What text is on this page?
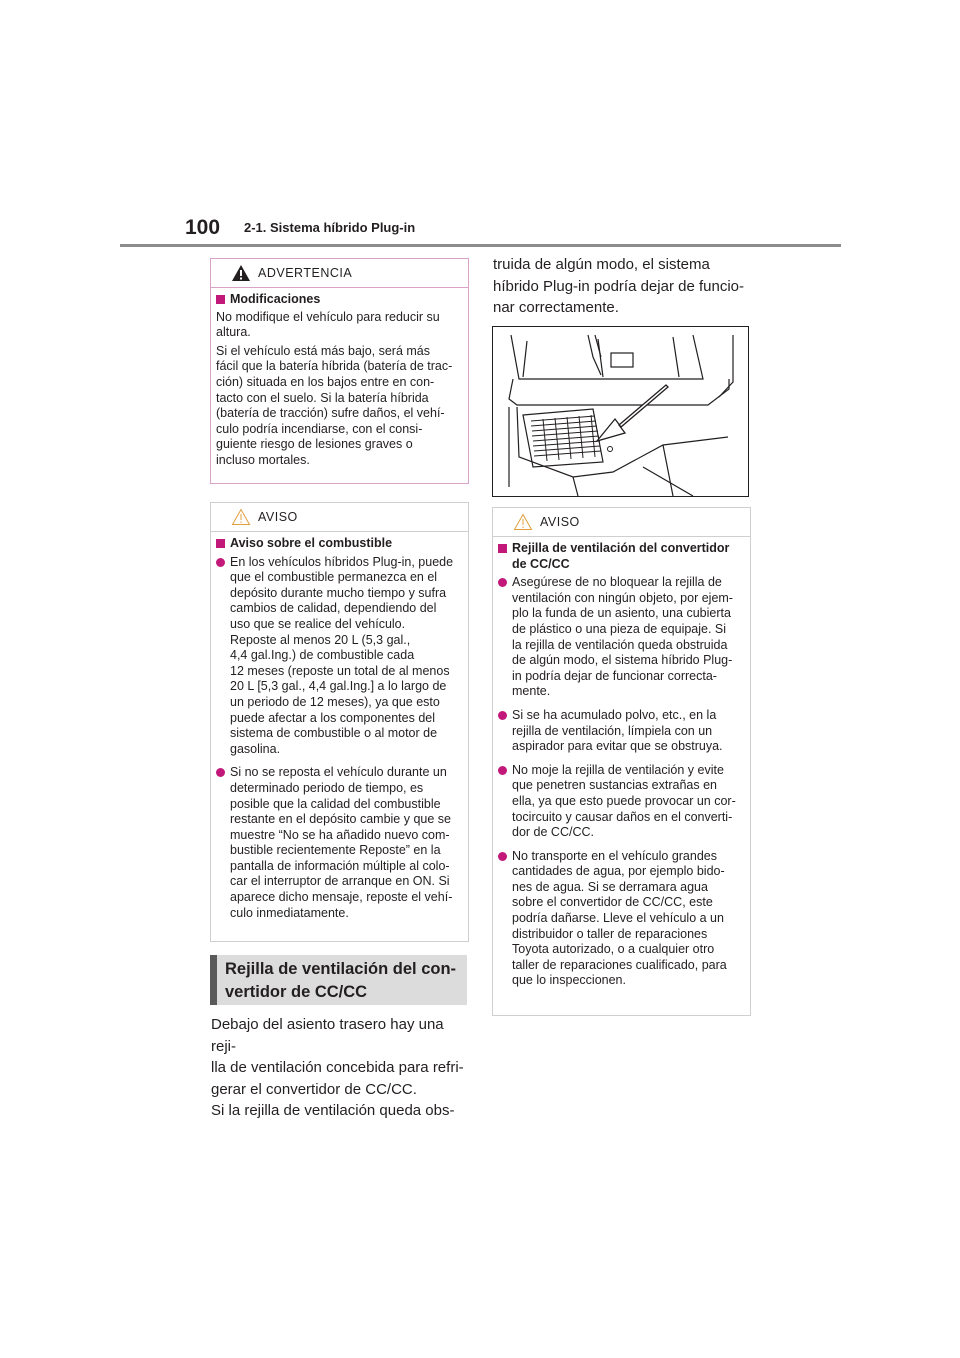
100 2-1. Sistema híbrido Plug-in
ADVERTENCIA
Modificaciones

No modifique el vehículo para reducir su
altura.

Si el vehículo está más bajo, será más
fácil que la batería híbrida (batería de trac-
ción) situada en los bajos entre en con-
tacto con el suelo. Si la batería híbrida
(batería de tracción) sufre daños, el vehí-
culo podría incendiarse, con el consi-
guiente riesgo de lesiones graves o
incluso mortales.

AVISO
Aviso sobre el combustible
En los vehículos híbridos Plug-in, puede
que el combustible permanezca en el
depósito durante mucho tiempo y sufra
cambios de calidad, dependiendo del
uso que se realice del vehículo.
Reposte al menos 20 L (5,3 gal.,
4,4 gal.Ing.) de combustible cada
12 meses (reposte un total de al menos
20 L [5,3 gal., 4,4 gal.Ing.] a lo largo de
un periodo de 12 meses), ya que esto
puede afectar a los componentes del
sistema de combustible o al motor de
gasolina.
Si no se reposta el vehículo durante un
determinado periodo de tiempo, es
posible que la calidad del combustible
restante en el depósito cambie y que se
muestre “No se ha añadido nuevo com-
bustible recientemente Reposte” en la
pantalla de información múltiple al colo-
car el interruptor de arranque en ON. Si
aparece dicho mensaje, reposte el vehí-
culo inmediatamente.
Rejilla de ventilación del con-
vertidor de CC/CC
Debajo del asiento trasero hay una reji-
lla de ventilación concebida para refri-
gerar el convertidor de CC/CC.
Si la rejilla de ventilación queda obs-
truida de algún modo, el sistema
híbrido Plug-in podría dejar de funcio-
nar correctamente.
AVISO
Rejilla de ventilación del convertidor
de CC/CC
Asegúrese de no bloquear la rejilla de
ventilación con ningún objeto, por ejem-
plo la funda de un asiento, una cubierta
de plástico o una pieza de equipaje. Si
la rejilla de ventilación queda obstruida
de algún modo, el sistema híbrido Plug-
in podría dejar de funcionar correcta-
mente.
Si se ha acumulado polvo, etc., en la
rejilla de ventilación, límpiela con un
aspirador para evitar que se obstruya.
No moje la rejilla de ventilación y evite
que penetren sustancias extrañas en
ella, ya que esto puede provocar un cor-
tocircuito y causar daños en el converti-
dor de CC/CC.
No transporte en el vehículo grandes
cantidades de agua, por ejemplo bido-
nes de agua. Si se derramara agua
sobre el convertidor de CC/CC, este
podría dañarse. Lleve el vehículo a un
distribuidor o taller de reparaciones
Toyota autorizado, o a cualquier otro
taller de reparaciones cualificado, para
que lo inspeccionen.
